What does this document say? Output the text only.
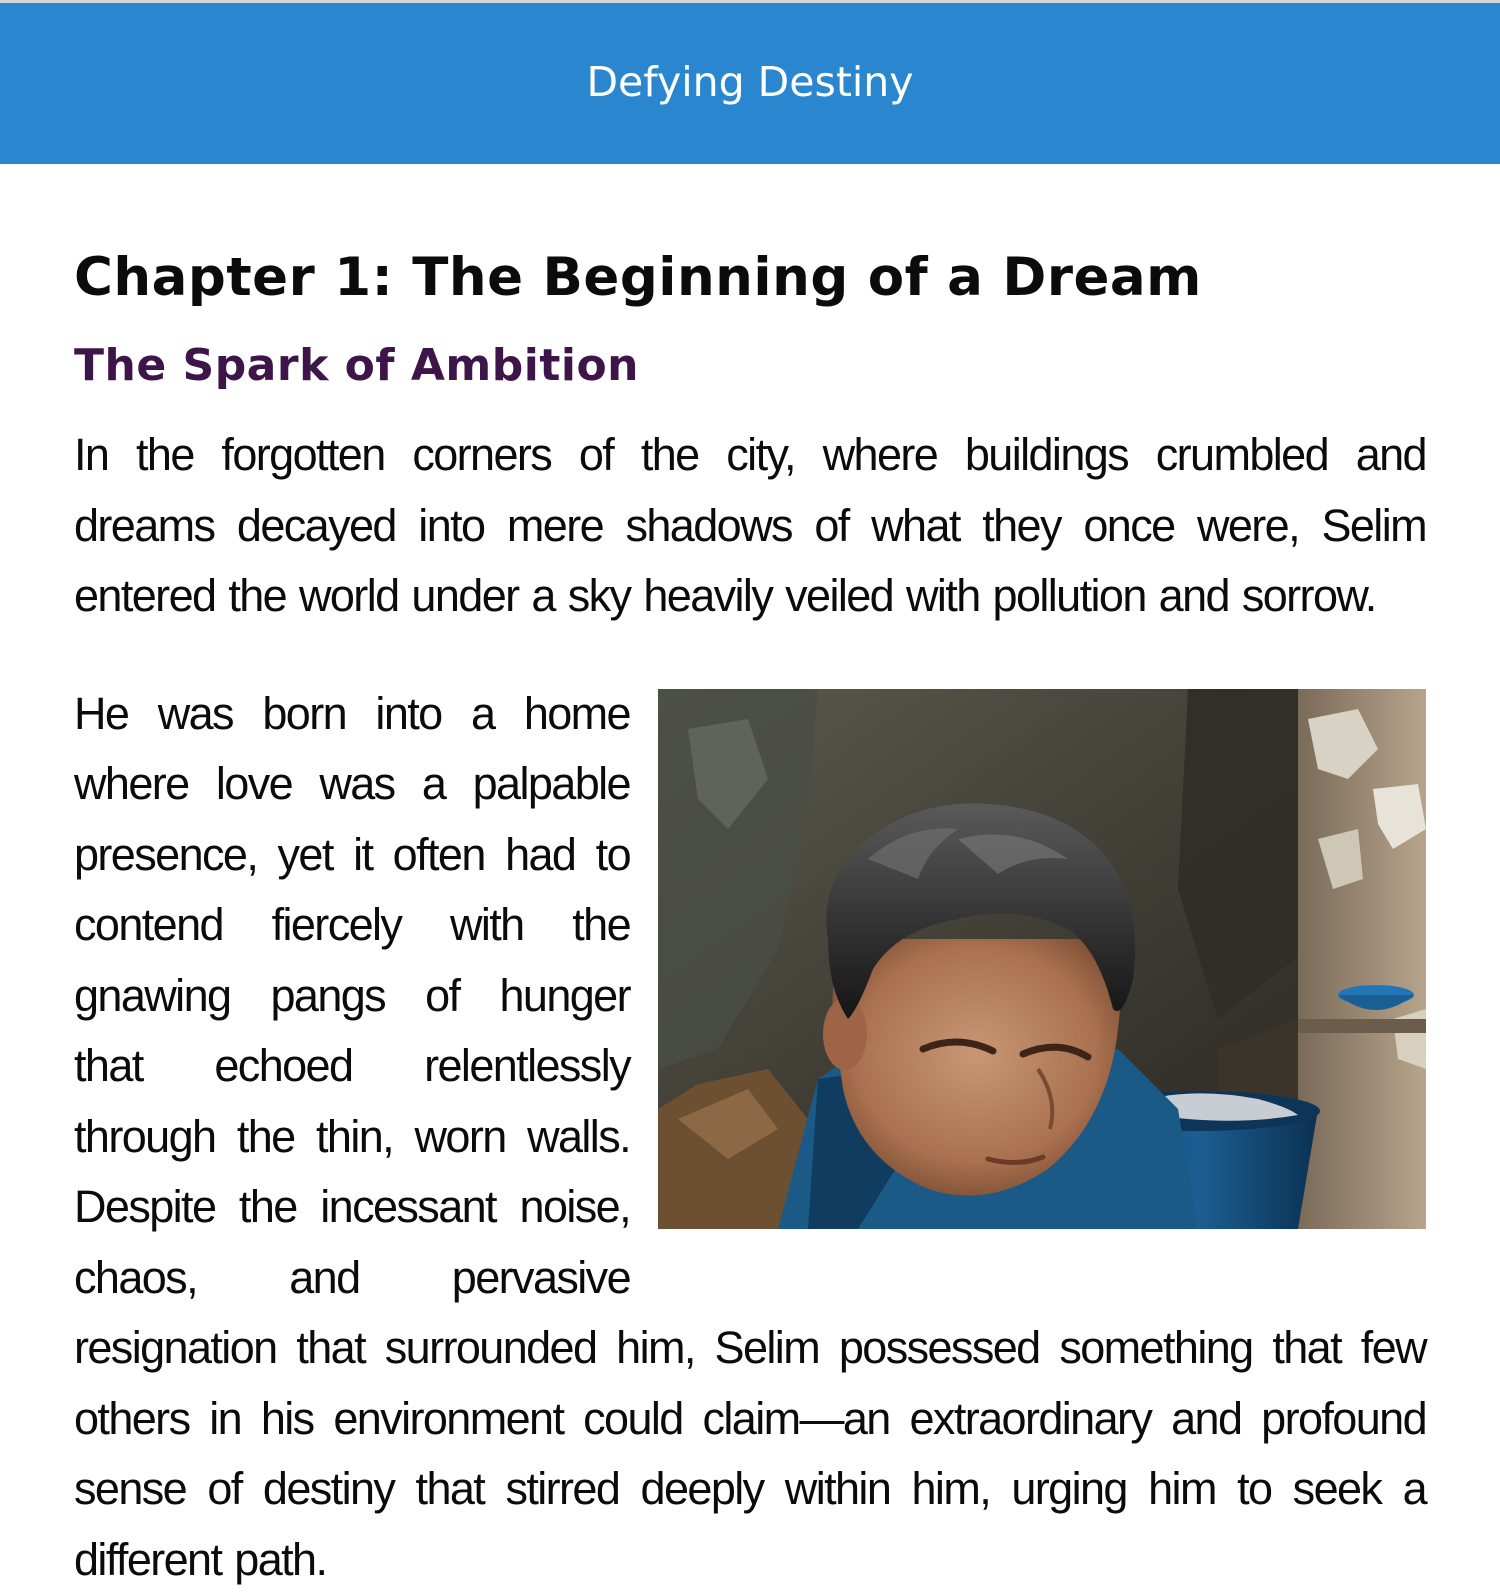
Defying Destiny
Chapter 1: The Beginning of a Dream
The Spark of Ambition

In the forgotten corners of the city, where buildings crumbled and dreams decayed into mere shadows of what they once were, Selim entered the world under a sky heavily veiled with pollution and sorrow.

He was born into a home where love was a palpable presence, yet it often had to contend fiercely with the gnawing pangs of hunger that echoed relentlessly through the thin, worn walls. Despite the incessant noise, chaos, and pervasive resignation that surrounded him, Selim possessed something that few others in his environment could claim—an extraordinary and profound sense of destiny that stirred deeply within him, urging him to seek a different path.
